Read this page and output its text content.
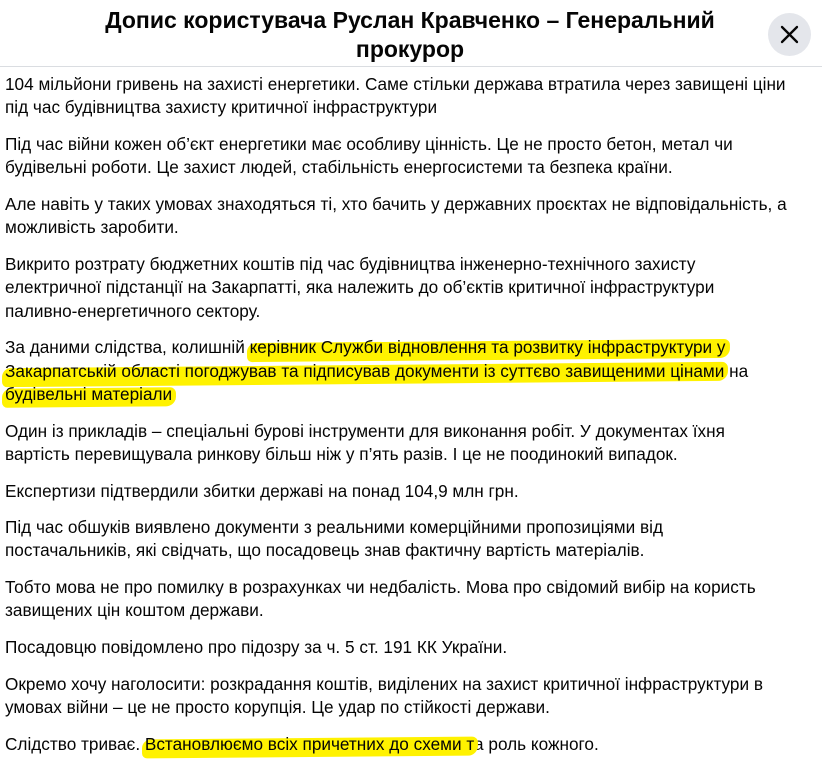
Допис користувача Руслан Кравченко – Генеральний прокурор

104 мільйони гривень на захисті енергетики. Саме стільки держава втратила через завищені ціни
під час будівництва захисту критичної інфраструктури

Під час війни кожен об’єкт енергетики має особливу цінність. Це не просто бетон, метал чи
будівельні роботи. Це захист людей, стабільність енергосистеми та безпека країни.

Але навіть у таких умовах знаходяться ті, хто бачить у державних проєктах не відповідальність, а
можливість заробити.

Викрито розтрату бюджетних коштів під час будівництва інженерно-технічного захисту
електричної підстанції на Закарпатті, яка належить до об’єктів критичної інфраструктури
паливно-енергетичного сектору.

За даними слідства, колишній керівник Служби відновлення та розвитку інфраструктури у
Закарпатській області погоджував та підписував документи із суттєво завищеними цінами на
будівельні матеріали.

Один із прикладів – спеціальні бурові інструменти для виконання робіт. У документах їхня
вартість перевищувала ринкову більш ніж у п’ять разів. І це не поодинокий випадок.

Експертизи підтвердили збитки державі на понад 104,9 млн грн.

Під час обшуків виявлено документи з реальними комерційними пропозиціями від
постачальників, які свідчать, що посадовець знав фактичну вартість матеріалів.

Тобто мова не про помилку в розрахунках чи недбалість. Мова про свідомий вибір на користь
завищених цін коштом держави.

Посадовцю повідомлено про підозру за ч. 5 ст. 191 КК України.

Окремо хочу наголосити: розкрадання коштів, виділених на захист критичної інфраструктури в
умовах війни – це не просто корупція. Це удар по стійкості держави.

Слідство триває. Встановлюємо всіх причетних до схеми та роль кожного.
